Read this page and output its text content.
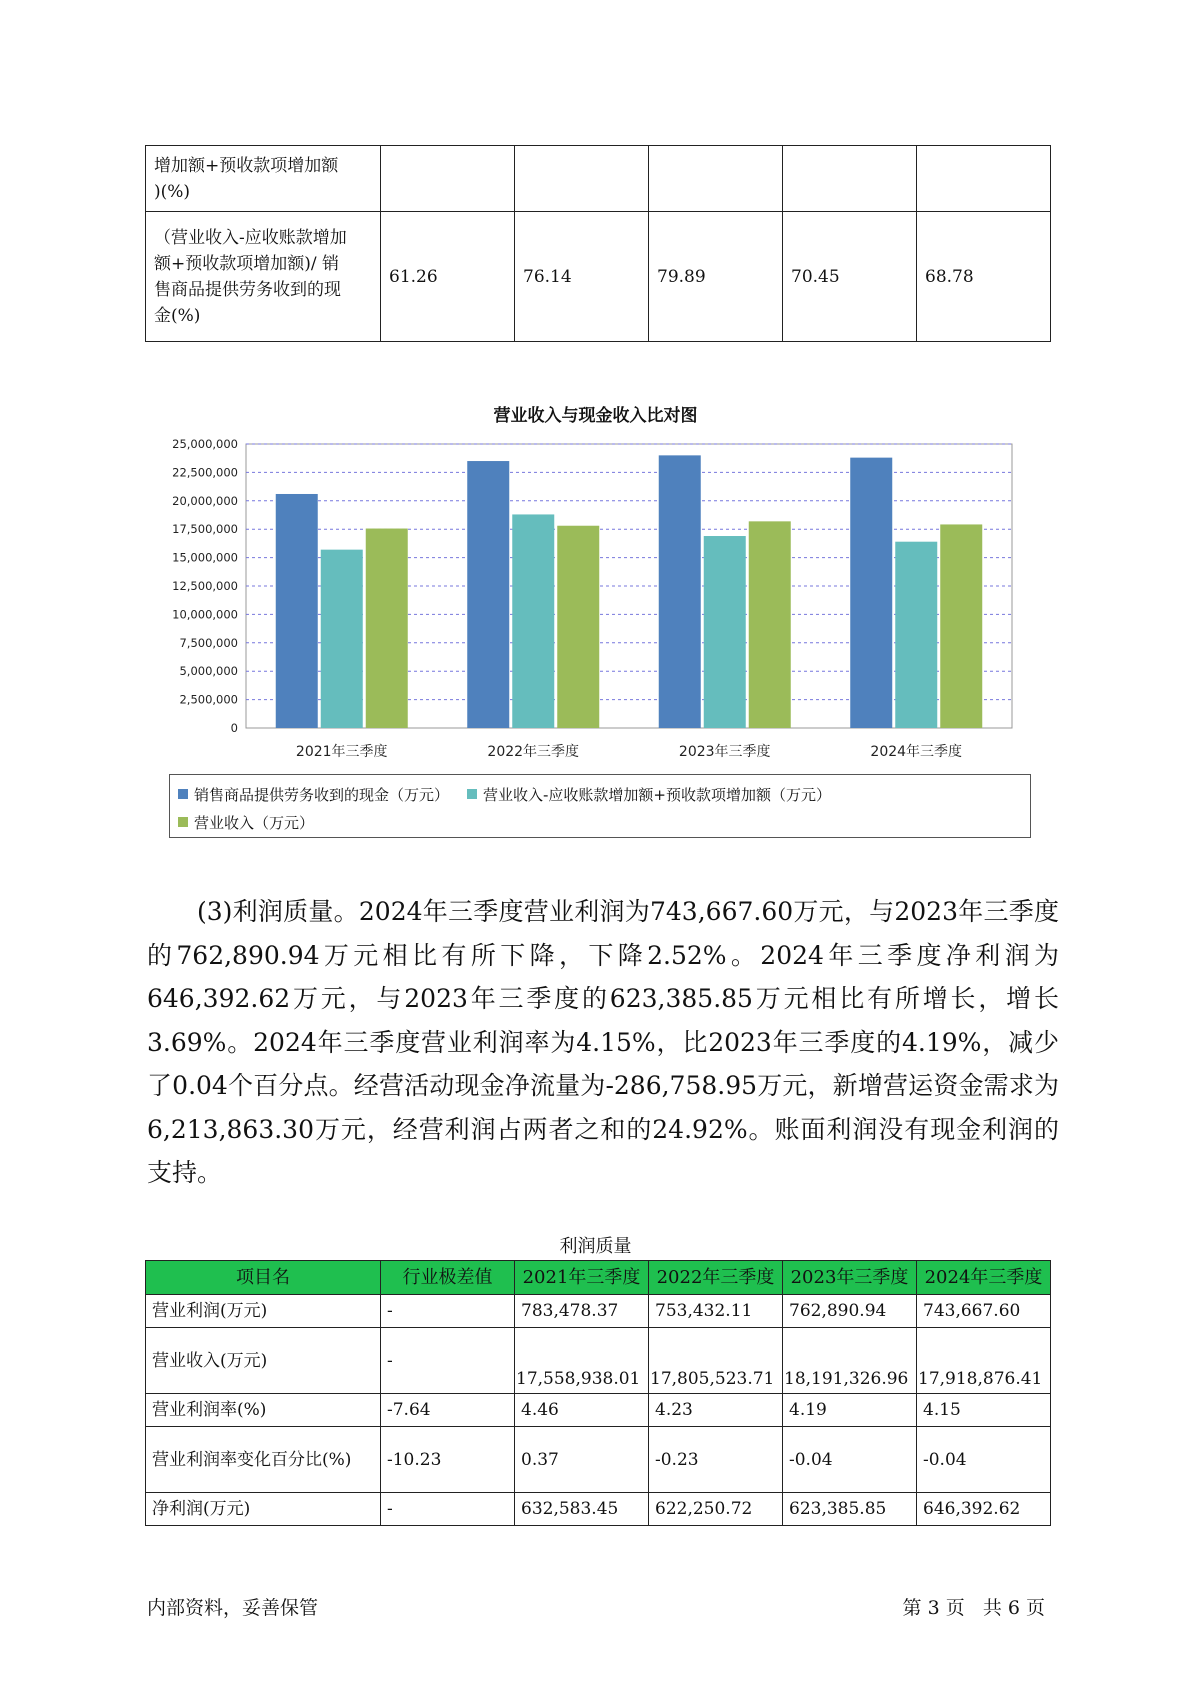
增加额+预收款项增加额
)(%)					

（营业收入-应收账款增加
额+预收款项增加额)/ 销
售商品提供劳务收到的现
金(%)	61.26	76.14	79.89	70.45	68.78
营业收入与现金收入比对图
0
2,500,000
5,000,000
7,500,000
10,000,000
12,500,000
15,000,000
17,500,000
20,000,000
22,500,000
25,000,000
2021年三季度	2022年三季度	2023年三季度	2024年三季度
销售商品提供劳务收到的现金（万元） 营业收入-应收账款增加额+预收款项增加额（万元）
营业收入（万元）

(3)利润质量。2024年三季度营业利润为743,667.60万元，与2023年三季度的762,890.94万元相比有所下降，下降2.52%。2024年三季度净利润为646,392.62万元，与2023年三季度的623,385.85万元相比有所增长，增长3.69%。2024年三季度营业利润率为4.15%，比2023年三季度的4.19%，减少了0.04个百分点。经营活动现金净流量为-286,758.95万元，新增营运资金需求为6,213,863.30万元，经营利润占两者之和的24.92%。账面利润没有现金利润的支持。

利润质量
项目名	行业极差值	2021年三季度	2022年三季度	2023年三季度	2024年三季度
营业利润(万元)	-	783,478.37	753,432.11	762,890.94	743,667.60
营业收入(万元)	-	17,558,938.01	17,805,523.71	18,191,326.96	17,918,876.41
营业利润率(%)	-7.64	4.46	4.23	4.19	4.15
营业利润率变化百分比(%)	-10.23	0.37	-0.23	-0.04	-0.04
净利润(万元)	-	632,583.45	622,250.72	623,385.85	646,392.62
内部资料，妥善保管	第 3 页   共 6 页
